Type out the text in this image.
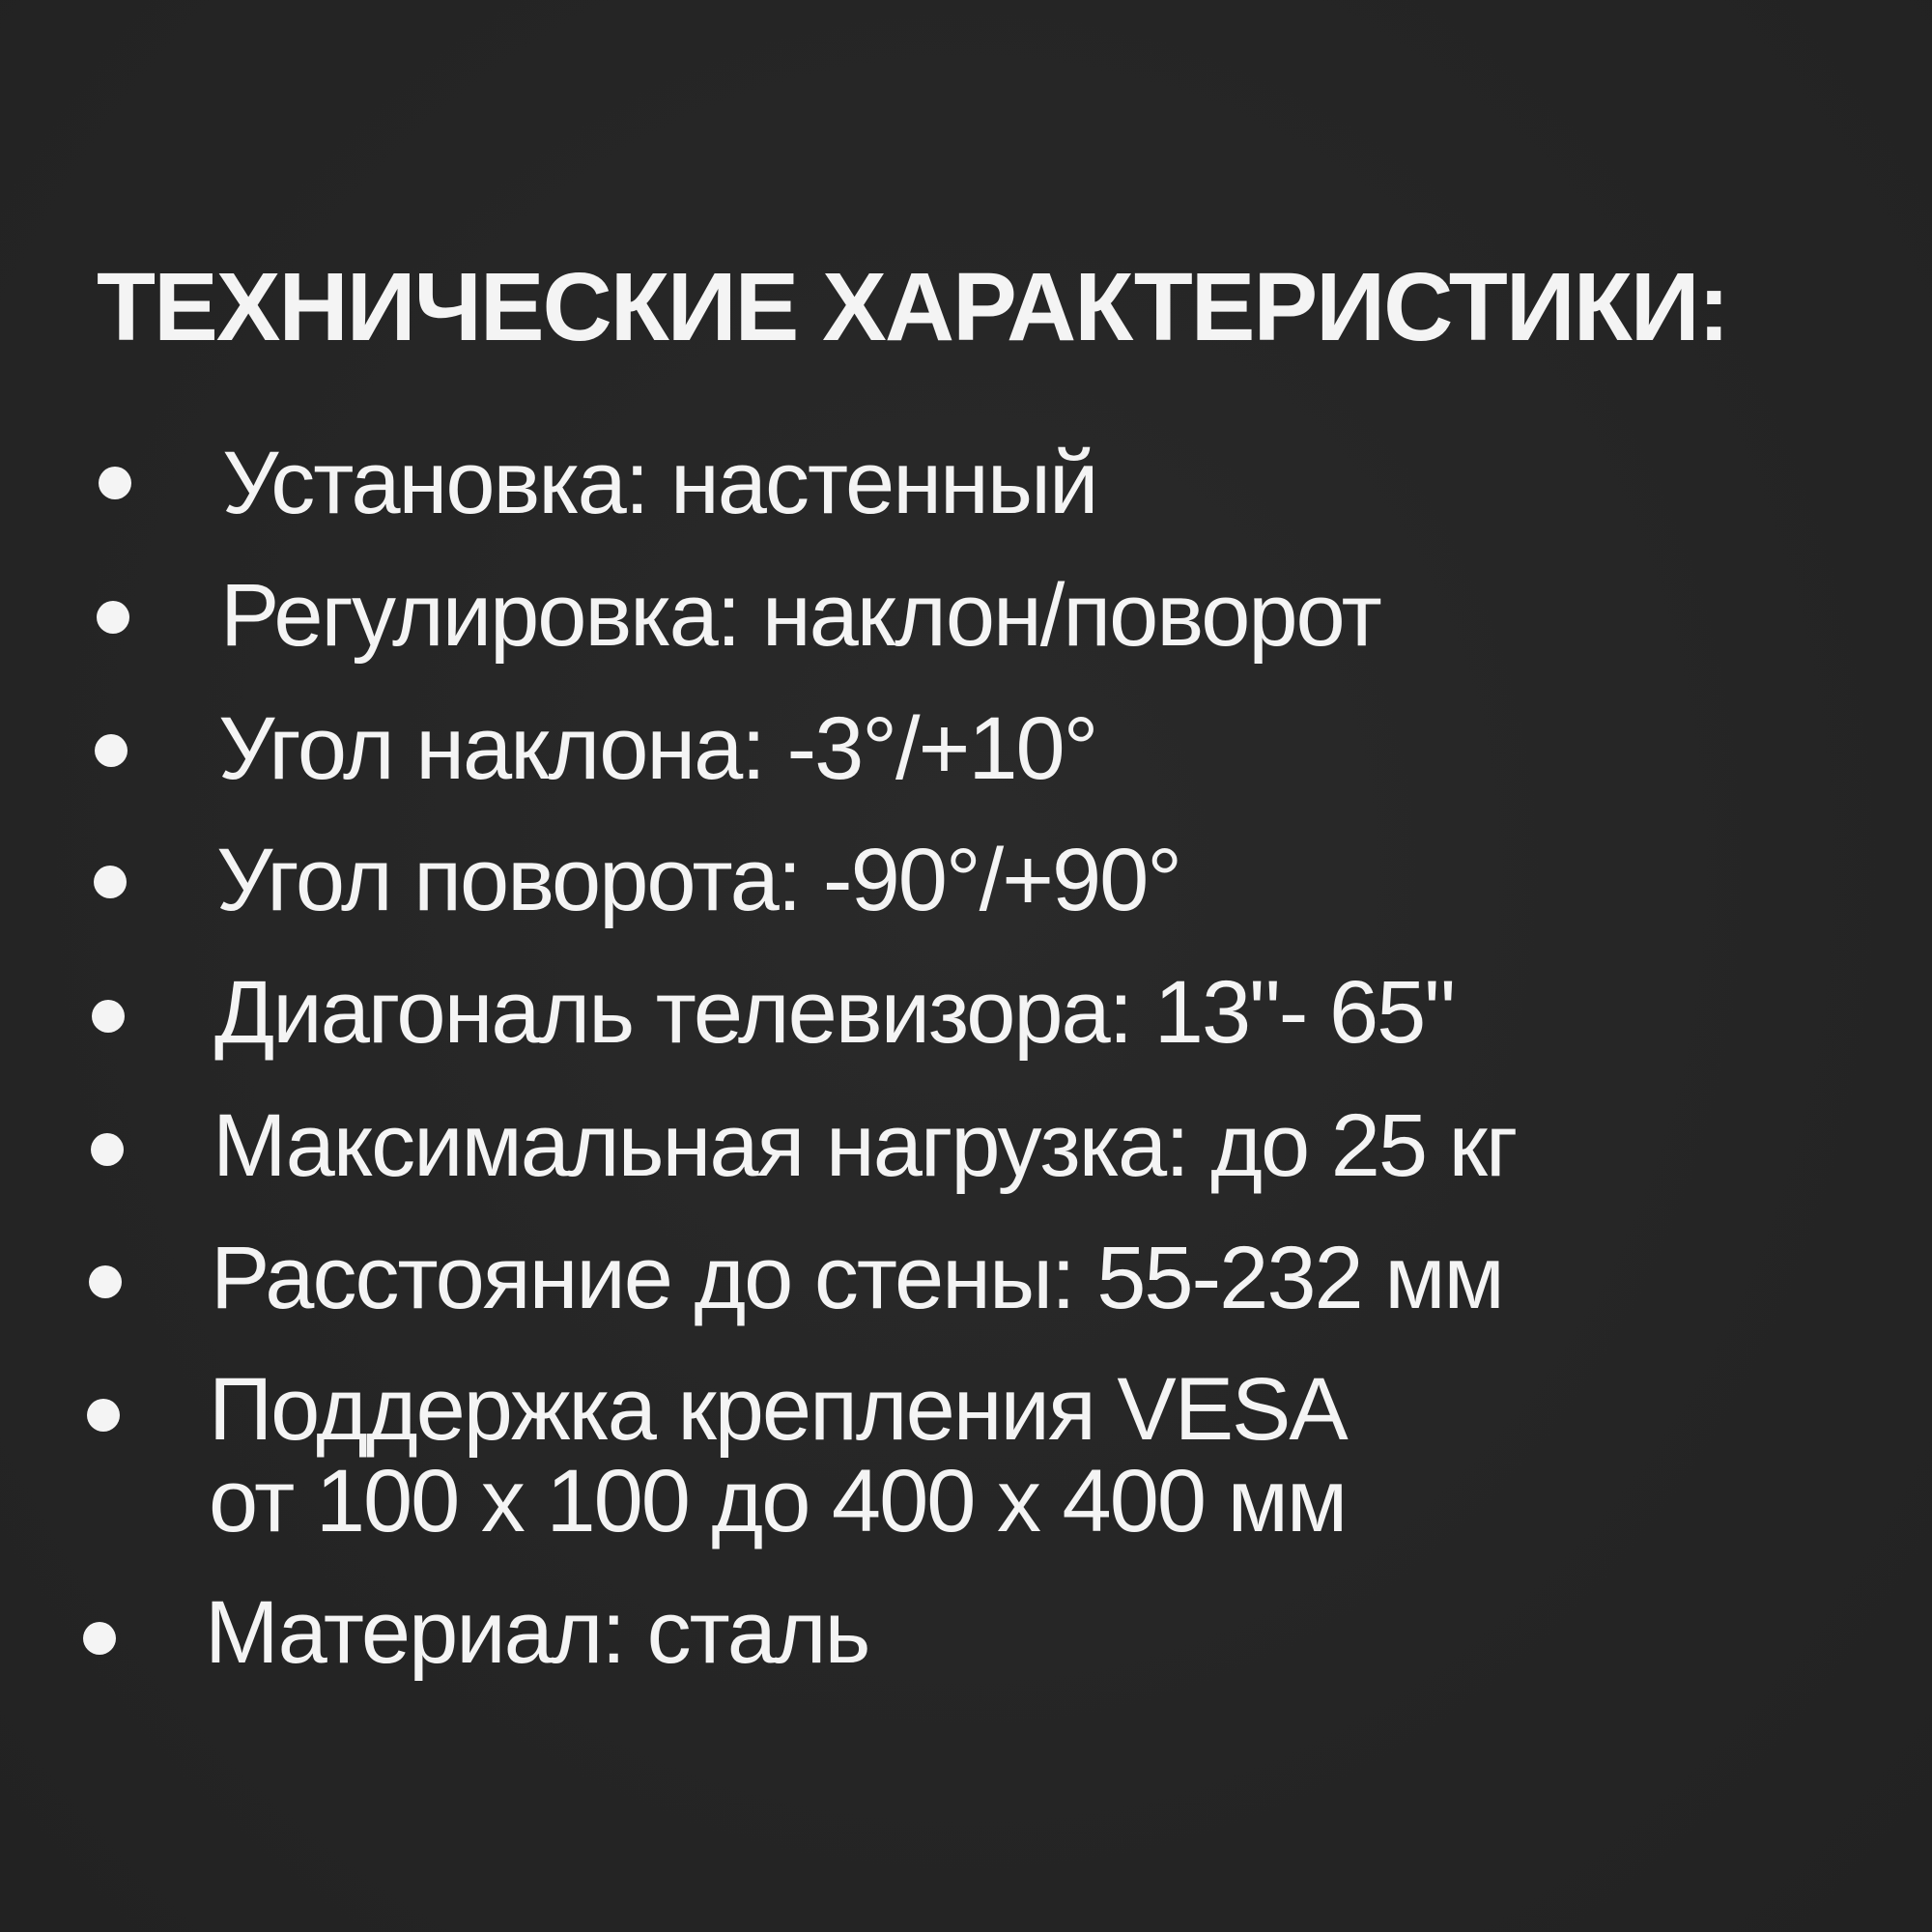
ТЕХНИЧЕСКИЕ ХАРАКТЕРИСТИКИ:
Установка: настенный
Регулировка: наклон/поворот
Угол наклона: -3°/+10°
Угол поворота: -90°/+90°
Диагональ телевизора: 13"- 65"
Максимальная нагрузка: до 25 кг
Расстояние до стены: 55-232 мм
Поддержка крепления VESA
от 100 х 100 до 400 х 400 мм
Материал: сталь
